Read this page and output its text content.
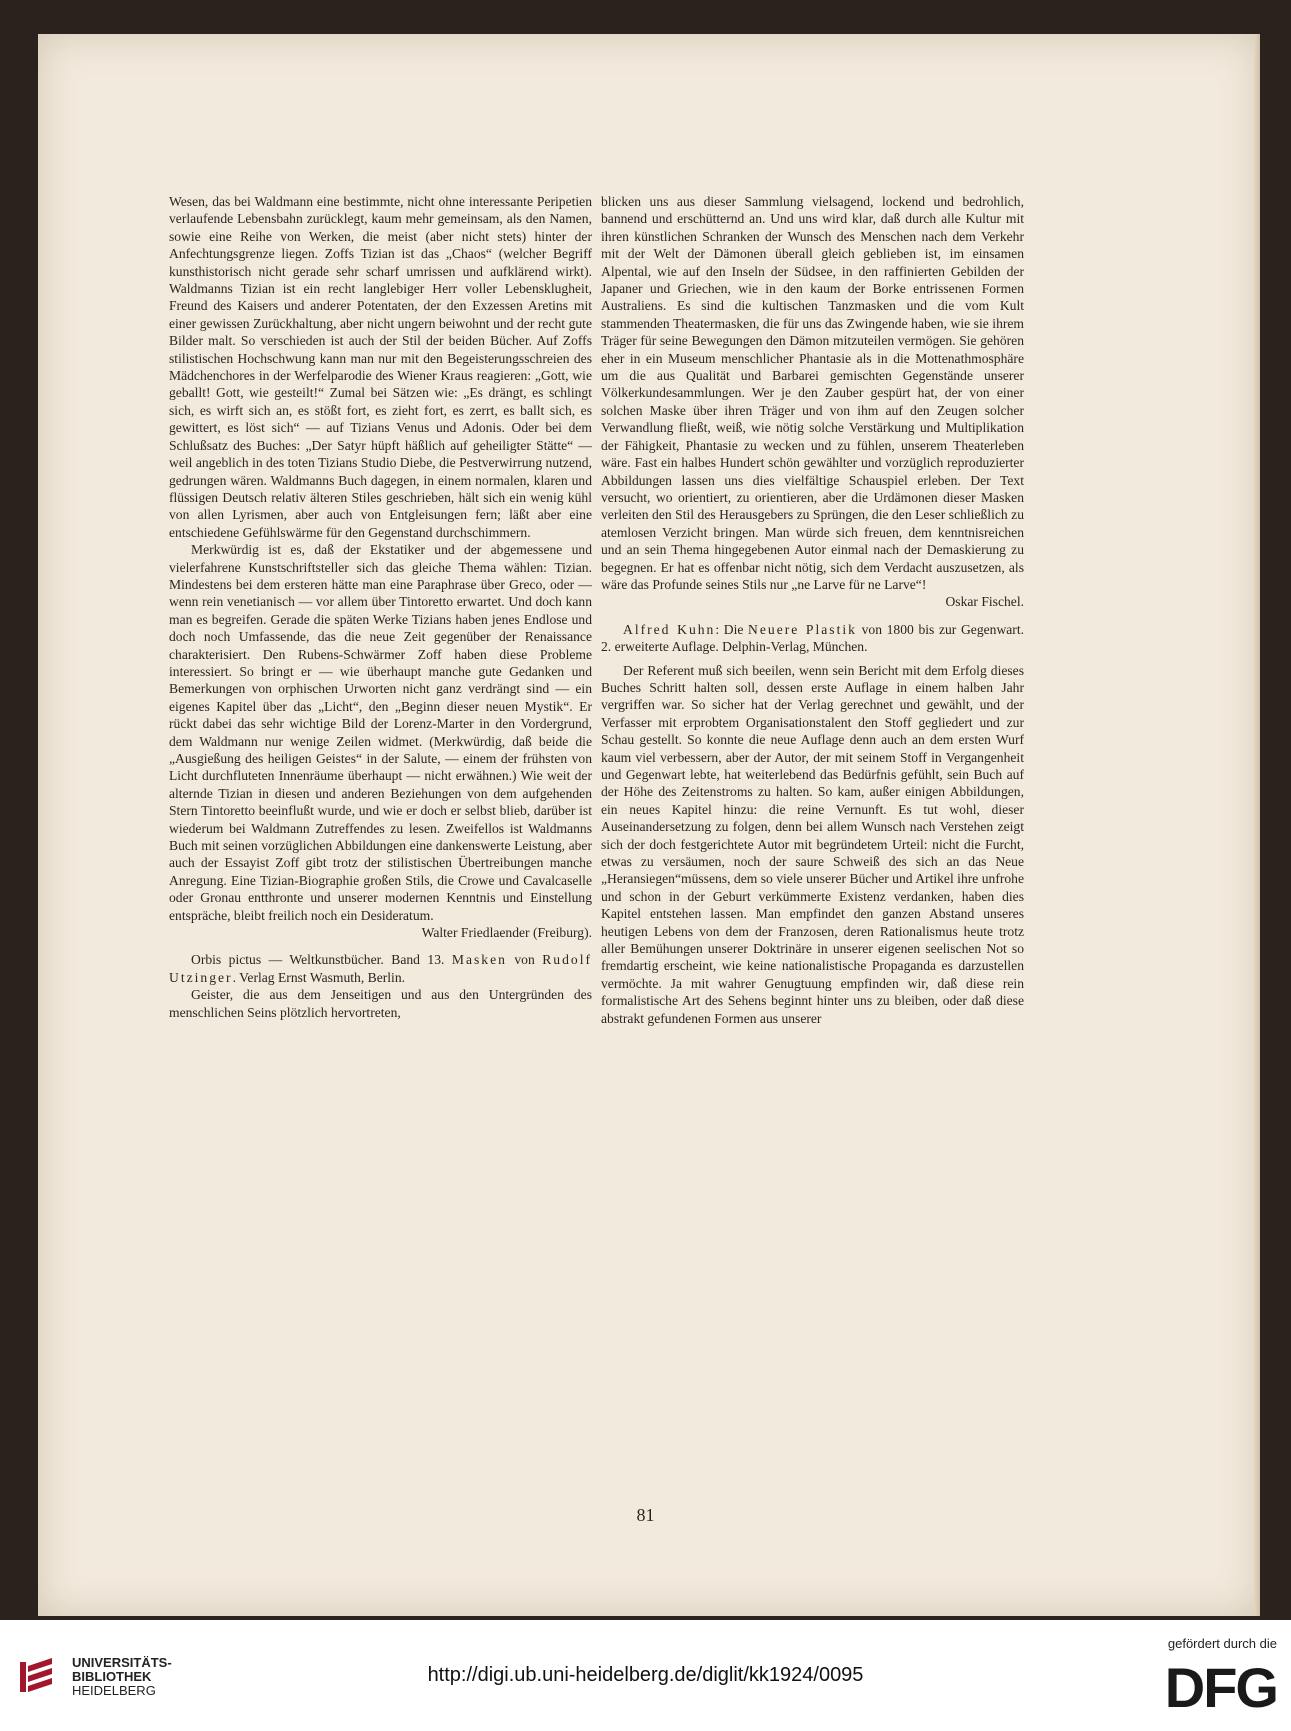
Wesen, das bei Waldmann eine bestimmte, nicht ohne interessante Peripetien verlaufende Lebensbahn zurücklegt, kaum mehr gemeinsam, als den Namen, sowie eine Reihe von Werken, die meist (aber nicht stets) hinter der Anfechtungsgrenze liegen. Zoffs Tizian ist das „Chaos“ (welcher Begriff kunsthistorisch nicht gerade sehr scharf umrissen und aufklärend wirkt). Waldmanns Tizian ist ein recht langlebiger Herr voller Lebensklugheit, Freund des Kaisers und anderer Potentaten, der den Exzessen Aretins mit einer gewissen Zurückhaltung, aber nicht ungern beiwohnt und der recht gute Bilder malt. So verschieden ist auch der Stil der beiden Bücher. Auf Zoffs stilistischen Hochschwung kann man nur mit den Begeisterungsschreien des Mädchenchores in der Werfelparodie des Wiener Kraus reagieren: „Gott, wie geballt! Gott, wie gesteilt!“ Zumal bei Sätzen wie: „Es drängt, es schlingt sich, es wirft sich an, es stößt fort, es zieht fort, es zerrt, es ballt sich, es gewittert, es löst sich“ — auf Tizians Venus und Adonis. Oder bei dem Schlußsatz des Buches: „Der Satyr hüpft häßlich auf geheiligter Stätte“ — weil angeblich in des toten Tizians Studio Diebe, die Pestverwirrung nutzend, gedrungen wären. Waldmanns Buch dagegen, in einem normalen, klaren und flüssigen Deutsch relativ älteren Stiles geschrieben, hält sich ein wenig kühl von allen Lyrismen, aber auch von Entgleisungen fern; läßt aber eine entschiedene Gefühlswärme für den Gegenstand durchschimmern.

Merkwürdig ist es, daß der Ekstatiker und der abgemessene und vielerfahrene Kunstschriftsteller sich das gleiche Thema wählen: Tizian. Mindestens bei dem ersteren hätte man eine Paraphrase über Greco, oder — wenn rein venetianisch — vor allem über Tintoretto erwartet. Und doch kann man es begreifen. Gerade die späten Werke Tizians haben jenes Endlose und doch noch Umfassende, das die neue Zeit gegenüber der Renaissance charakterisiert. Den Rubens-Schwärmer Zoff haben diese Probleme interessiert. So bringt er — wie überhaupt manche gute Gedanken und Bemerkungen von orphischen Urworten nicht ganz verdrängt sind — ein eigenes Kapitel über das „Licht“, den „Beginn dieser neuen Mystik“. Er rückt dabei das sehr wichtige Bild der Lorenz-Marter in den Vordergrund, dem Waldmann nur wenige Zeilen widmet. (Merkwürdig, daß beide die „Ausgießung des heiligen Geistes“ in der Salute, — einem der frühsten von Licht durchfluteten Innenräume überhaupt — nicht erwähnen.) Wie weit der alternde Tizian in diesen und anderen Beziehungen von dem aufgehenden Stern Tintoretto beeinflußt wurde, und wie er doch er selbst blieb, darüber ist wiederum bei Waldmann Zutreffendes zu lesen. Zweifellos ist Waldmanns Buch mit seinen vorzüglichen Abbildungen eine dankenswerte Leistung, aber auch der Essayist Zoff gibt trotz der stilistischen Übertreibungen manche Anregung. Eine Tizian-Biographie großen Stils, die Crowe und Cavalcaselle oder Gronau entthronte und unserer modernen Kenntnis und Einstellung entspräche, bleibt freilich noch ein Desideratum.

Walter Friedlaender (Freiburg).

Orbis pictus — Weltkunstbücher. Band 13. Masken von Rudolf Utzinger. Verlag Ernst Wasmuth, Berlin.

Geister, die aus dem Jenseitigen und aus den Untergründen des menschlichen Seins plötzlich hervortreten,

blicken uns aus dieser Sammlung vielsagend, lockend und bedrohlich, bannend und erschütternd an. Und uns wird klar, daß durch alle Kultur mit ihren künstlichen Schranken der Wunsch des Menschen nach dem Verkehr mit der Welt der Dämonen überall gleich geblieben ist, im einsamen Alpental, wie auf den Inseln der Südsee, in den raffinierten Gebilden der Japaner und Griechen, wie in den kaum der Borke entrissenen Formen Australiens. Es sind die kultischen Tanzmasken und die vom Kult stammenden Theatermasken, die für uns das Zwingende haben, wie sie ihrem Träger für seine Bewegungen den Dämon mitzuteilen vermögen. Sie gehören eher in ein Museum menschlicher Phantasie als in die Mottenathmosphäre um die aus Qualität und Barbarei gemischten Gegenstände unserer Völkerkundesammlungen. Wer je den Zauber gespürt hat, der von einer solchen Maske über ihren Träger und von ihm auf den Zeugen solcher Verwandlung fließt, weiß, wie nötig solche Verstärkung und Multiplikation der Fähigkeit, Phantasie zu wecken und zu fühlen, unserem Theaterleben wäre. Fast ein halbes Hundert schön gewählter und vorzüglich reproduzierter Abbildungen lassen uns dies vielfältige Schauspiel erleben. Der Text versucht, wo orientiert, zu orientieren, aber die Urdämonen dieser Masken verleiten den Stil des Herausgebers zu Sprüngen, die den Leser schließlich zu atemlosen Verzicht bringen. Man würde sich freuen, dem kenntnisreichen und an sein Thema hingegebenen Autor einmal nach der Demaskierung zu begegnen. Er hat es offenbar nicht nötig, sich dem Verdacht auszusetzen, als wäre das Profunde seines Stils nur „ne Larve für ne Larve“!

Oskar Fischel.

Alfred Kuhn: Die Neuere Plastik von 1800 bis zur Gegenwart. 2. erweiterte Auflage. Delphin-Verlag, München.

Der Referent muß sich beeilen, wenn sein Bericht mit dem Erfolg dieses Buches Schritt halten soll, dessen erste Auflage in einem halben Jahr vergriffen war. So sicher hat der Verlag gerechnet und gewählt, und der Verfasser mit erprobtem Organisationstalent den Stoff gegliedert und zur Schau gestellt. So konnte die neue Auflage denn auch an dem ersten Wurf kaum viel verbessern, aber der Autor, der mit seinem Stoff in Vergangenheit und Gegenwart lebte, hat weiterlebend das Bedürfnis gefühlt, sein Buch auf der Höhe des Zeitenstroms zu halten. So kam, außer einigen Abbildungen, ein neues Kapitel hinzu: die reine Vernunft. Es tut wohl, dieser Auseinandersetzung zu folgen, denn bei allem Wunsch nach Verstehen zeigt sich der doch festgerichtete Autor mit begründetem Urteil: nicht die Furcht, etwas zu versäumen, noch der saure Schweiß des sich an das Neue „Heransiegen“müssens, dem so viele unserer Bücher und Artikel ihre unfrohe und schon in der Geburt verkümmerte Existenz verdanken, haben dies Kapitel entstehen lassen. Man empfindet den ganzen Abstand unseres heutigen Lebens von dem der Franzosen, deren Rationalismus heute trotz aller Bemühungen unserer Doktrinäre in unserer eigenen seelischen Not so fremdartig erscheint, wie keine nationalistische Propaganda es darzustellen vermöchte. Ja mit wahrer Genugtuung empfinden wir, daß diese rein formalistische Art des Sehens beginnt hinter uns zu bleiben, oder daß diese abstrakt gefundenen Formen aus unserer

81
UNIVERSITÄTS-
BIBLIOTHEK
HEIDELBERG
http://digi.ub.uni-heidelberg.de/diglit/kk1924/0095
gefördert durch die
DFG
